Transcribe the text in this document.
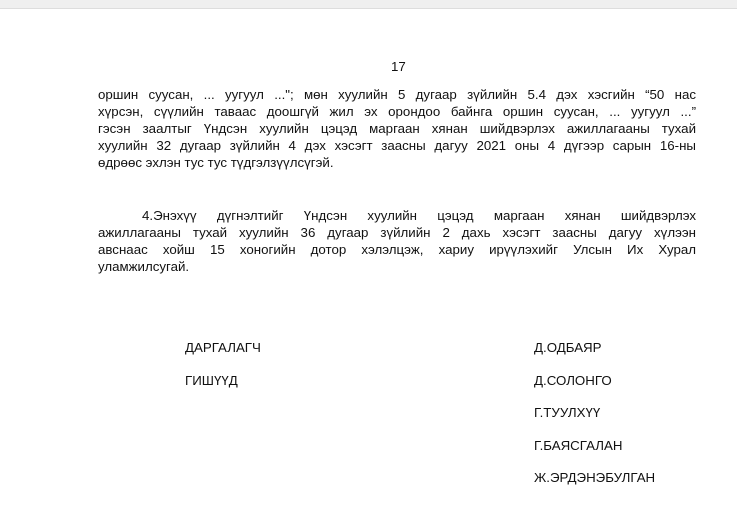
17
оршин суусан, ... уугуул ..."; мөн хуулийн 5 дугаар зүйлийн 5.4 дэх хэсгийн “50 нас
хүрсэн, сүүлийн таваас доошгүй жил эх орондоо байнга оршин суусан, ... уугуул ...”
гэсэн заалтыг Үндсэн хуулийн цэцэд маргаан хянан шийдвэрлэх ажиллагааны тухай
хуулийн 32 дугаар зүйлийн 4 дэх хэсэгт заасны дагуу 2021 оны 4 дүгээр сарын 16-ны
өдрөөс эхлэн тус тус түдгэлзүүлсүгэй.
4.Энэхүү дүгнэлтийг Үндсэн хуулийн цэцэд маргаан хянан шийдвэрлэх
ажиллагааны тухай хуулийн 36 дугаар зүйлийн 2 дахь хэсэгт заасны дагуу хүлээн
авснаас хойш 15 хоногийн дотор хэлэлцэж, хариу ирүүлэхийг Улсын Их Хурал
уламжилсугай.
ДАРГАЛАГЧ	Д.ОДБАЯР
ГИШҮҮД	Д.СОЛОНГО
Г.ТУУЛХҮҮ
Г.БАЯСГАЛАН
Ж.ЭРДЭНЭБУЛГАН
